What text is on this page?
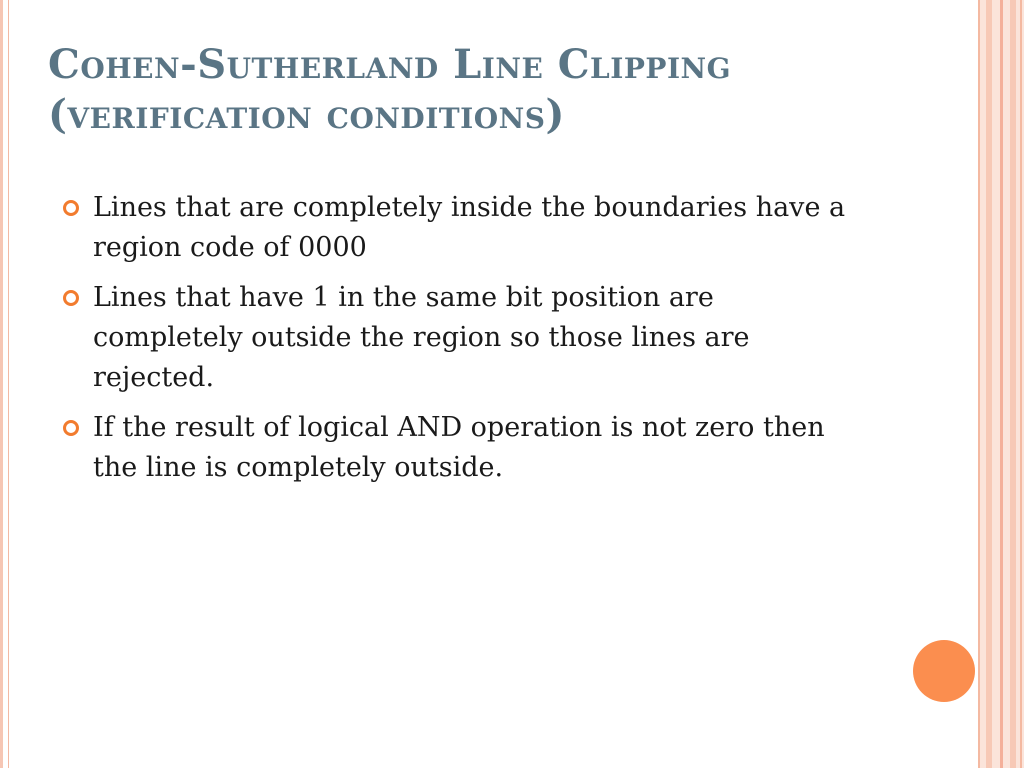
Cohen-Sutherland Line Clipping
(verification conditions)
Lines that are completely inside the boundaries have a region code of 0000
Lines that have 1 in the same bit position are completely outside the region so those lines are rejected.
If the result of logical AND operation is not zero then the line is completely outside.
